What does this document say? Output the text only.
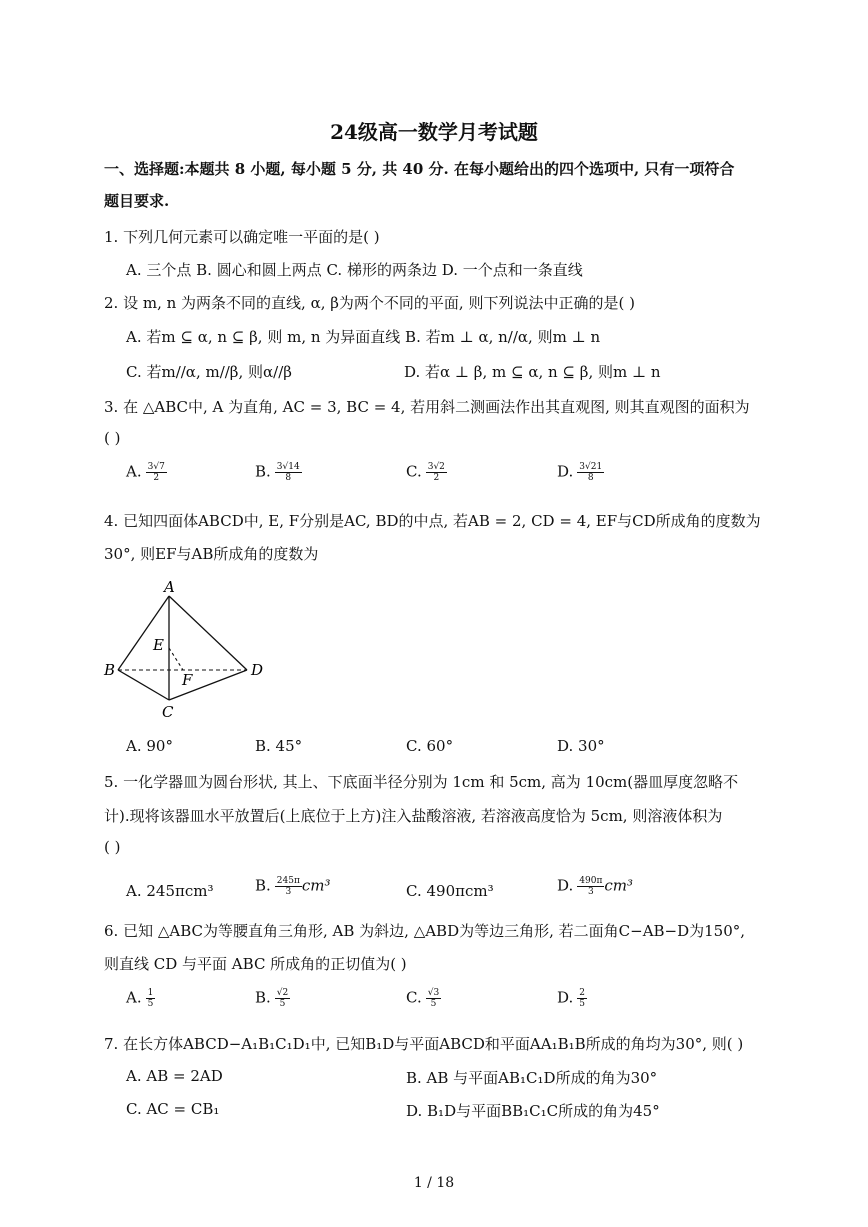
24级高一数学月考试题
一、选择题:本题共 8 小题, 每小题 5 分, 共 40 分. 在每小题给出的四个选项中, 只有一项符合
题目要求.
1. 下列几何元素可以确定唯一平面的是( )
A. 三个点 B. 圆心和圆上两点 C. 梯形的两条边 D. 一个点和一条直线
2. 设 m, n 为两条不同的直线, α, β为两个不同的平面, 则下列说法中正确的是( )
A. 若m ⊆ α, n ⊆ β, 则 m, n 为异面直线 B. 若m ⊥ α, n//α, 则m ⊥ n
C. 若m//α, m//β, 则α//β	D. 若α ⊥ β, m ⊆ α, n ⊆ β, 则m ⊥ n
3. 在 △ABC中, A 为直角, AC = 3, BC = 4, 若用斜二测画法作出其直观图, 则其直观图的面积为
( )
A. $\frac{3√7}{2}$	B. $\frac{3√14}{8}$	C. $\frac{3√2}{2}$	D. $\frac{3√21}{8}$
4. 已知四面体ABCD中, E, F分别是AC, BD的中点, 若AB = 2, CD = 4, EF与CD所成角的度数为
30°, 则EF与AB所成角的度数为
A
B
C
D
E
F
A. 90°	B. 45°	C. 60°	D. 30°
5. 一化学器皿为圆台形状, 其上、下底面半径分别为 1cm 和 5cm, 高为 10cm(器皿厚度忽略不
计).现将该器皿水平放置后(上底位于上方)注入盐酸溶液, 若溶液高度恰为 5cm, 则溶液体积为
( )
A. 245πcm³	B. $\frac{245\pi}{3} cm^3$	C. 490πcm³	D. $\frac{490\pi}{3} cm^3$
6. 已知 △ABC为等腰直角三角形, AB 为斜边, △ABD为等边三角形, 若二面角C−AB−D为150°,
则直线 CD 与平面 ABC 所成角的正切值为( )
A. $\frac{1}{5}$	B. $\frac{√2}{5}$	C. $\frac{√3}{5}$	D. $\frac{2}{5}$
7. 在长方体ABCD−A₁B₁C₁D₁中, 已知B₁D与平面ABCD和平面AA₁B₁B所成的角均为30°, 则( )
A. AB = 2AD	B. AB 与平面AB₁C₁D所成的角为30°
C. AC = CB₁	D. B₁D与平面BB₁C₁C所成的角为45°
1 / 18
